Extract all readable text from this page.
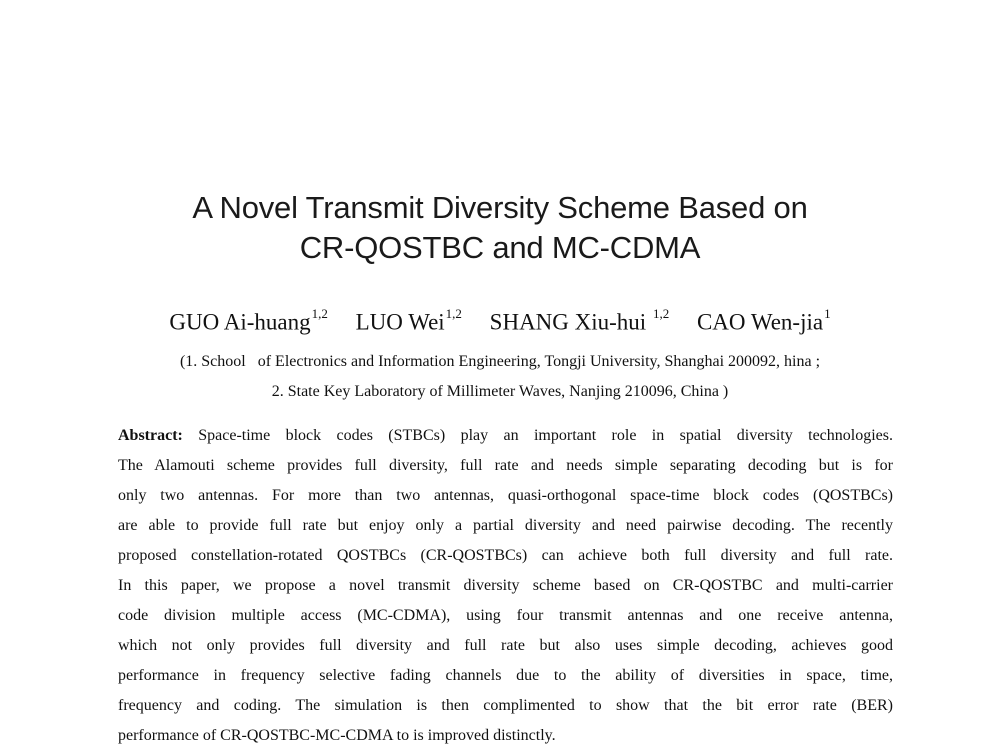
A Novel Transmit Diversity Scheme Based on
CR-QOSTBC and MC-CDMA
GUO Ai-huang$^{1,2}$ LUO Wei$^{1,2}$ SHANG Xiu-hui $^{1,2}$ CAO Wen-jia$^1$
(1. School   of Electronics and Information Engineering, Tongji University, Shanghai 200092, hina ;
2. State Key Laboratory of Millimeter Waves, Nanjing 210096, China )
Abstract: Space-time block codes (STBCs) play an important role in spatial diversity technologies.
The Alamouti scheme provides full diversity, full rate and needs simple separating decoding but is for
only two antennas. For more than two antennas, quasi-orthogonal space-time block codes (QOSTBCs)
are able to provide full rate but enjoy only a partial diversity and need pairwise decoding. The recently
proposed constellation-rotated QOSTBCs (CR-QOSTBCs) can achieve both full diversity and full rate.
In this paper, we propose a novel transmit diversity scheme based on CR-QOSTBC and multi-carrier
code division multiple access (MC-CDMA), using four transmit antennas and one receive antenna,
which not only provides full diversity and full rate but also uses simple decoding, achieves good
performance in frequency selective fading channels due to the ability of diversities in space, time,
frequency and coding. The simulation is then complimented to show that the bit error rate (BER)
performance of CR-QOSTBC-MC-CDMA to is improved distinctly.
